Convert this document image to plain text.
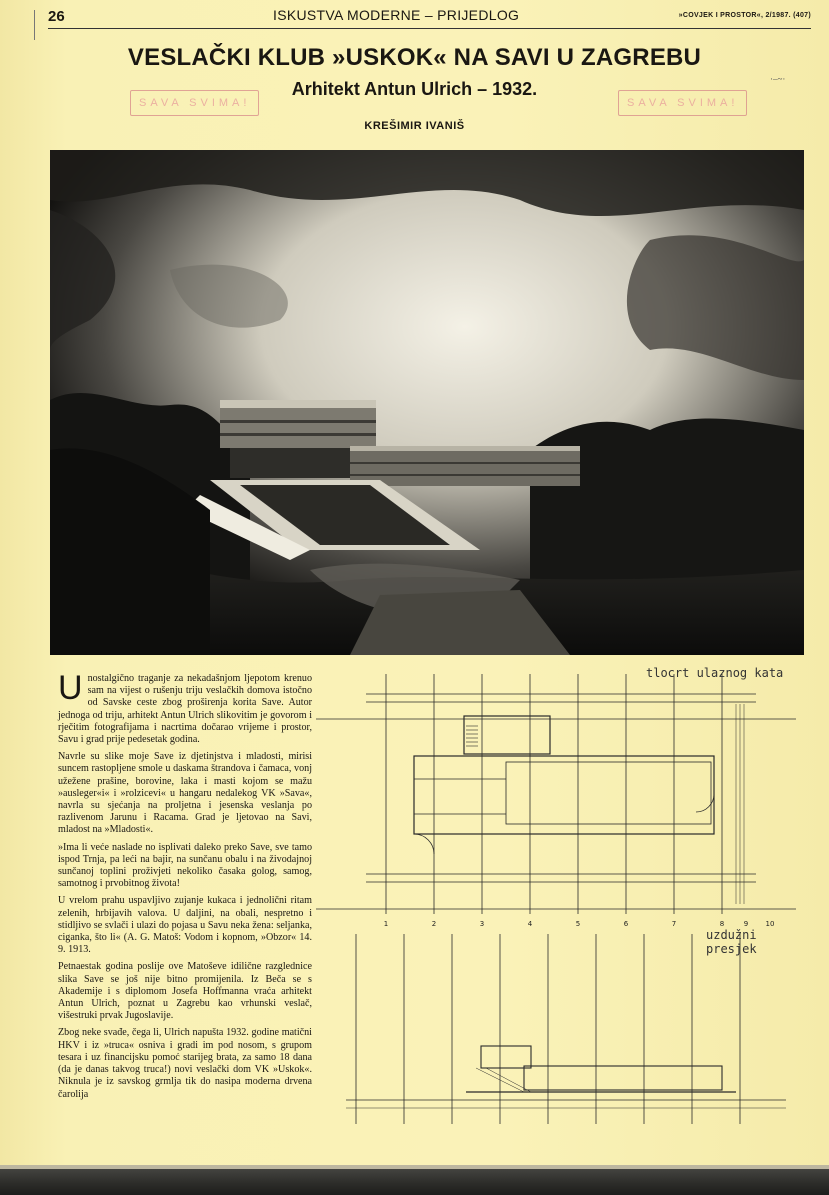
26	ISKUSTVA MODERNE – PRIJEDLOG	»COVJEK I PROSTOR«, 2/1987. (407)
VESLAČKI KLUB »USKOK« NA SAVI U ZAGREBU
Arhitekt Antun Ulrich – 1932.
KREŠIMIR IVANIŠ
SAVA SVIMA!	SAVA SVIMA!
·–~·

Unostalgično traganje za nekadašnjom ljepotom krenuo sam na vijest o rušenju triju veslačkih domova istočno od Savske ceste zbog proširenja korita Save. Autor jednoga od triju, arhitekt Antun Ulrich slikovitim je govorom i rječitim fotografijama i nacrtima dočarao vrijeme i prostor, Savu i grad prije pedesetak godina.

Navrle su slike moje Save iz djetinjstva i mladosti, mirisi suncem rastopljene smole u daskama štrandova i čamaca, vonj užežene prašine, borovine, laka i masti kojom se mažu »ausleger«i« i »rolzicevi« u hangaru nedalekog VK »Sava«, navrla su sjećanja na proljetna i jesenska veslanja po razlivenom Jarunu i Racama. Grad je ljetovao na Savi, mladost na »Mladosti«.

»Ima li veće naslade no isplivati daleko preko Save, sve tamo ispod Trnja, pa leći na bajir, na sunčanu obalu i na živodajnoj sunčanoj toplini proživjeti nekoliko časaka golog, samog, samotnog i prvobitnog života!

U vrelom prahu uspavljivo zujanje kukaca i jednolični ritam zelenih, hrbijavih valova. U daljini, na obali, nespretno i stidljivo se svlači i ulazi do pojasa u Savu neka žena: seljanka, ciganka, što li« (A. G. Matoš: Vodom i kopnom, »Obzor« 14. 9. 1913.

Petnaestak godina poslije ove Matoševe idilične razglednice slika Save se još nije bitno promijenila. Iz Beča se s Akademije i s diplomom Josefa Hoffmanna vraća arhitekt Antun Ulrich, poznat u Zagrebu kao vrhunski veslač, višestruki prvak Jugoslavije.

Zbog neke svađe, čega li, Ulrich napušta 1932. godine matični HKV i iz »truca« osniva i gradi im pod nosom, s grupom tesara i uz financijsku pomoć starijeg brata, za samo 18 dana (da je danas takvog truca!) novi veslački dom VK »Uskok«. Niknula je iz savskog grmlja tik do nasipa moderna drvena čarolija

tlocrt ulaznog kata
uzdužni presjek
1	2	3	4	5	6	7	8	9 10
